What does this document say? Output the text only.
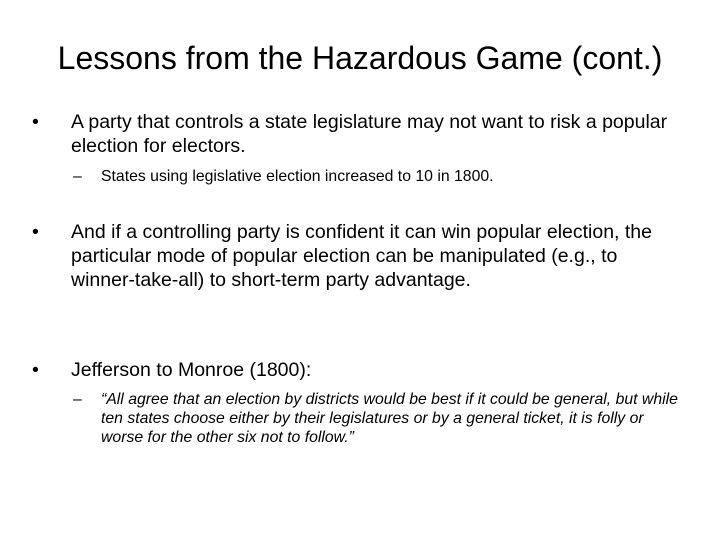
Lessons from the Hazardous Game (cont.)
•	A party that controls a state legislature may not want to risk a popular election for electors.
– States using legislative election increased to 10 in 1800.
•	And if a controlling party is confident it can win popular election, the particular mode of popular election can be manipulated (e.g., to winner-take-all) to short-term party advantage.
•	Jefferson to Monroe (1800):
– “All agree that an election by districts would be best if it could be general, but while ten states choose either by their legislatures or by a general ticket, it is folly or worse for the other six not to follow.”
